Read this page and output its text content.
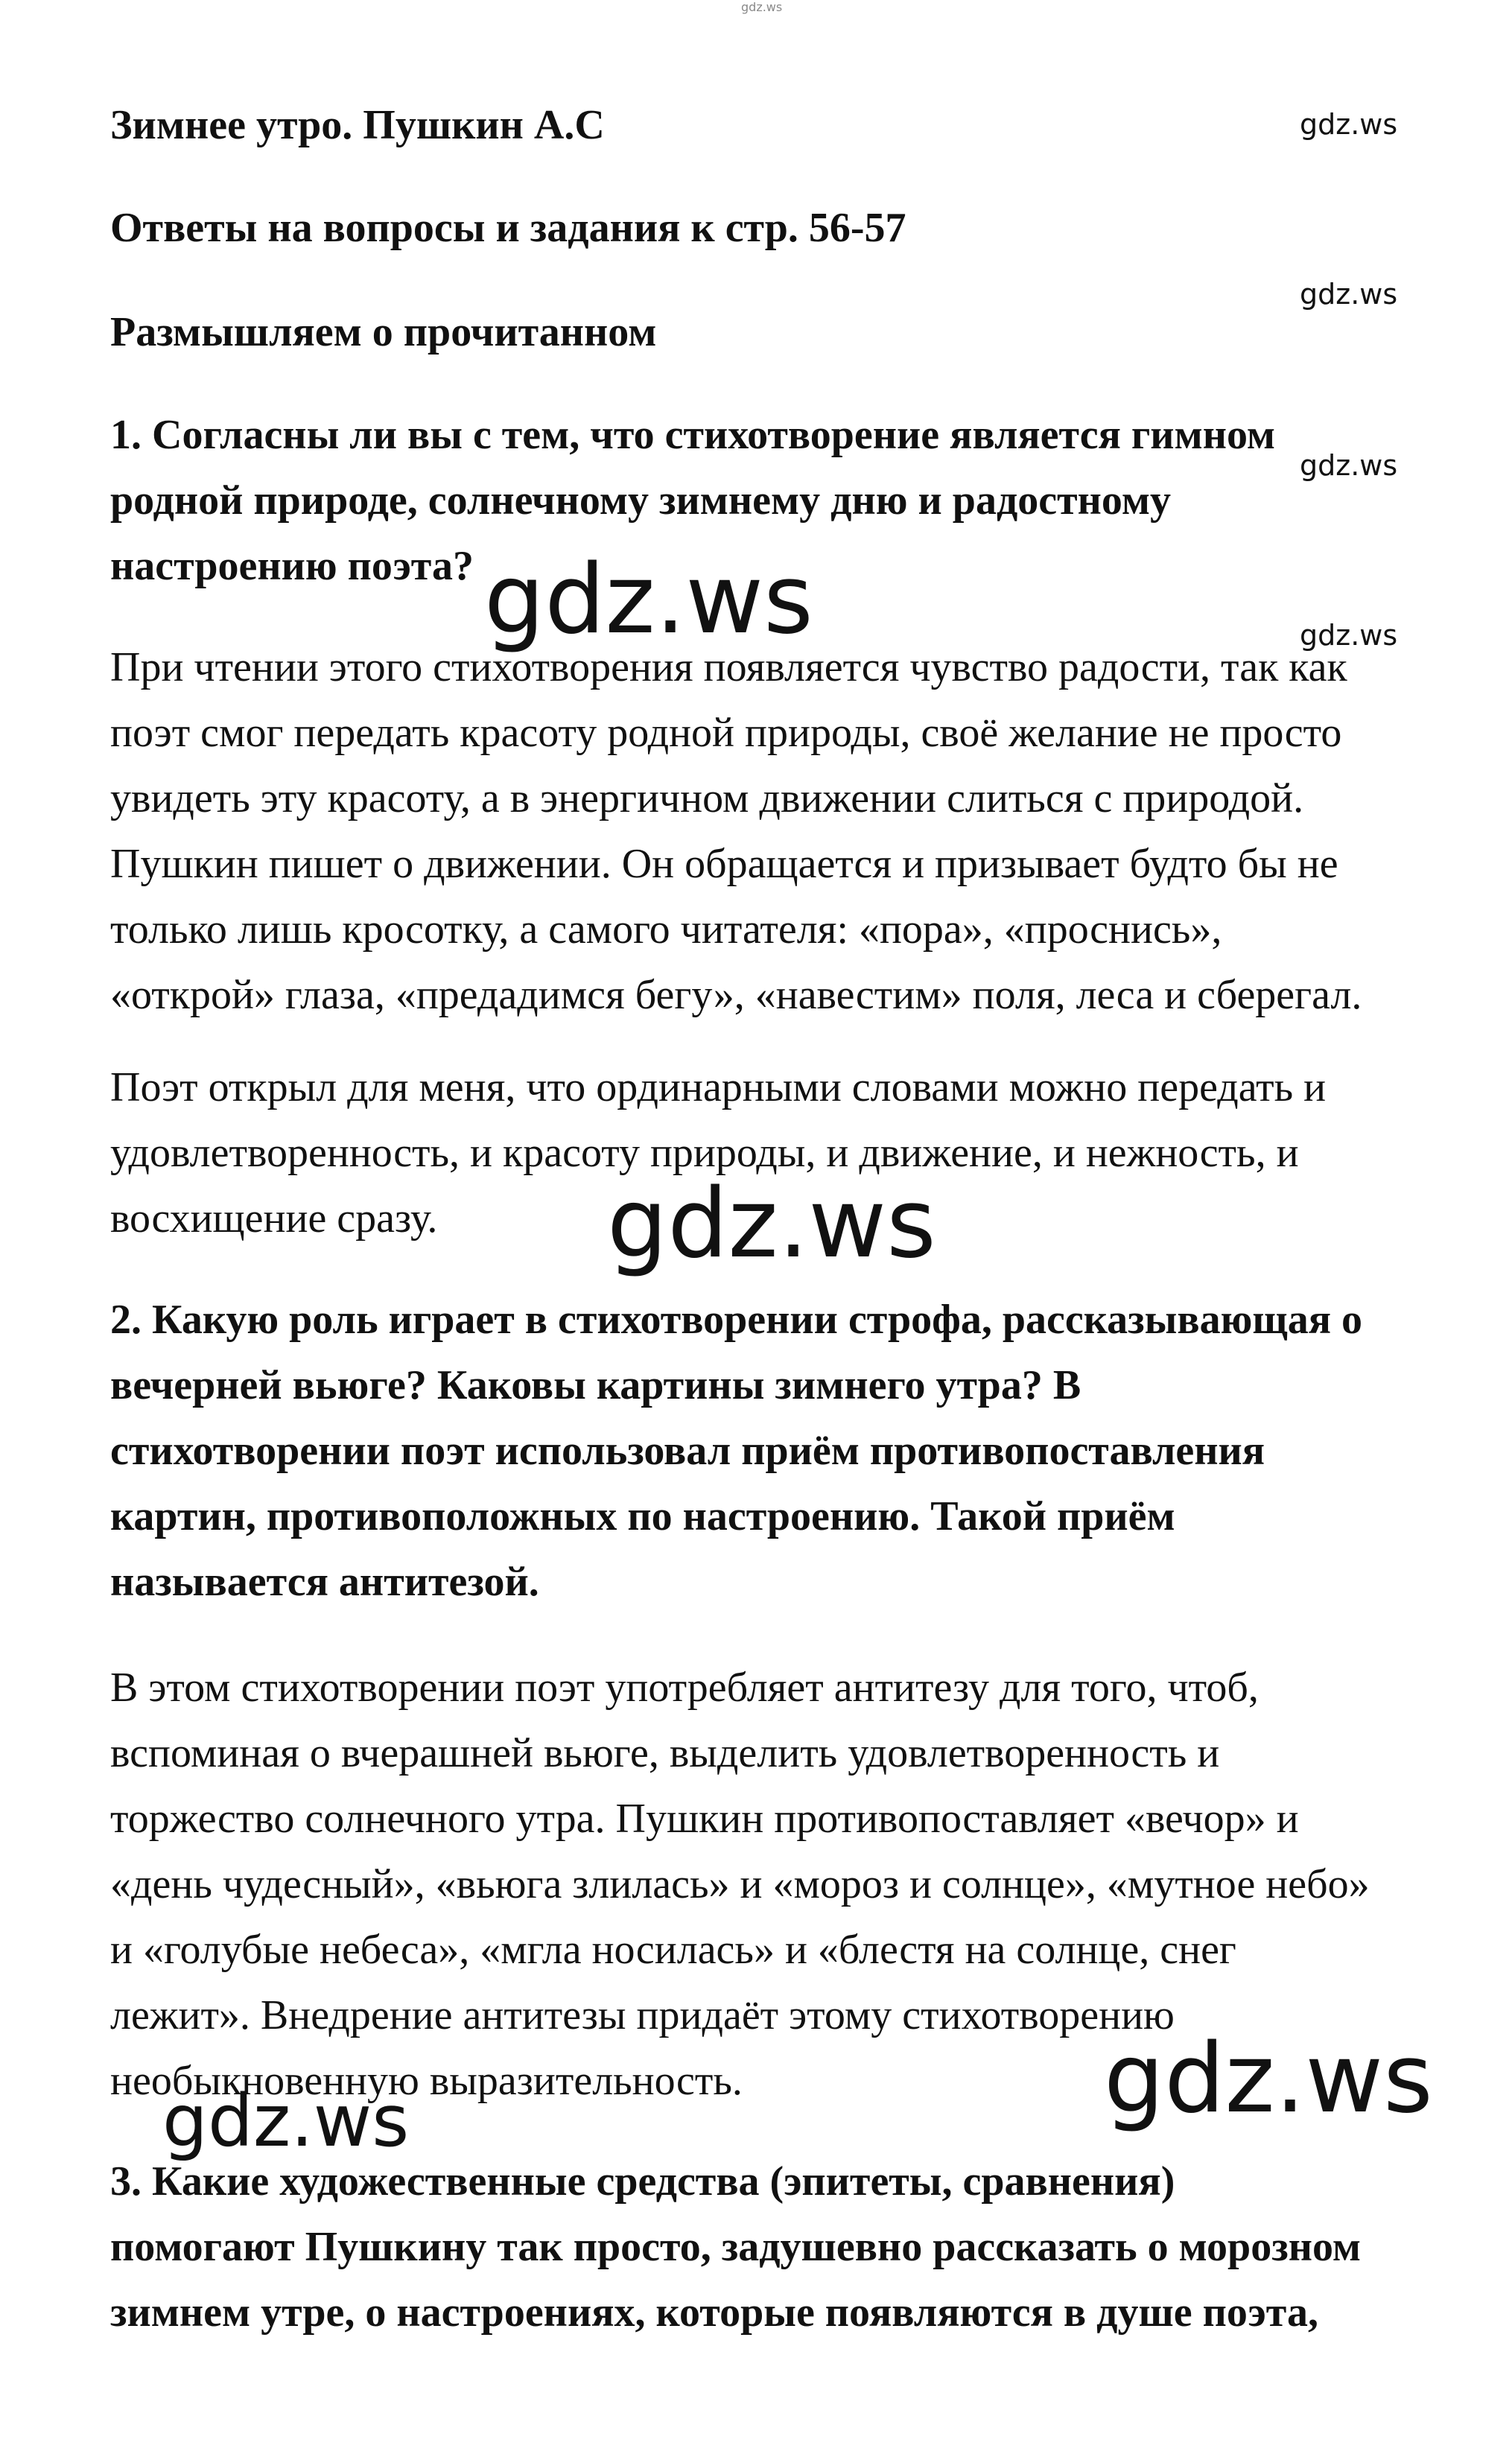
gdz.ws
Зимнее утро. Пушкин А.С
Ответы на вопросы и задания к стр. 56-57
Размышляем о прочитанном
1. Согласны ли вы с тем, что стихотворение является гимном
родной природе, солнечному зимнему дню и радостному
настроению поэта?
При чтении этого стихотворения появляется чувство радости, так как
поэт смог передать красоту родной природы, своё желание не просто
увидеть эту красоту, а в энергичном движении слиться с природой.
Пушкин пишет о движении. Он обращается и призывает будто бы не
только лишь кросотку, а самого читателя: «пора», «проснись»,
«открой» глаза, «предадимся бегу», «навестим» поля, леса и сберегал.
Поэт открыл для меня, что ординарными словами можно передать и
удовлетворенность, и красоту природы, и движение, и нежность, и
восхищение сразу.
2. Какую роль играет в стихотворении строфа, рассказывающая о
вечерней вьюге? Каковы картины зимнего утра? В
стихотворении поэт использовал приём противопоставления
картин, противоположных по настроению. Такой приём
называется антитезой.
В этом стихотворении поэт употребляет антитезу для того, чтоб,
вспоминая о вчерашней вьюге, выделить удовлетворенность и
торжество солнечного утра. Пушкин противопоставляет «вечор» и
«день чудесный», «вьюга злилась» и «мороз и солнце», «мутное небо»
и «голубые небеса», «мгла носилась» и «блестя на солнце, снег
лежит». Внедрение антитезы придаёт этому стихотворению
необыкновенную выразительность.
3. Какие художественные средства (эпитеты, сравнения)
помогают Пушкину так просто, задушевно рассказать о морозном
зимнем утре, о настроениях, которые появляются в душе поэта,
gdz.ws
gdz.ws
gdz.ws
gdz.ws
gdz.ws
gdz.ws
gdz.ws
gdz.ws
